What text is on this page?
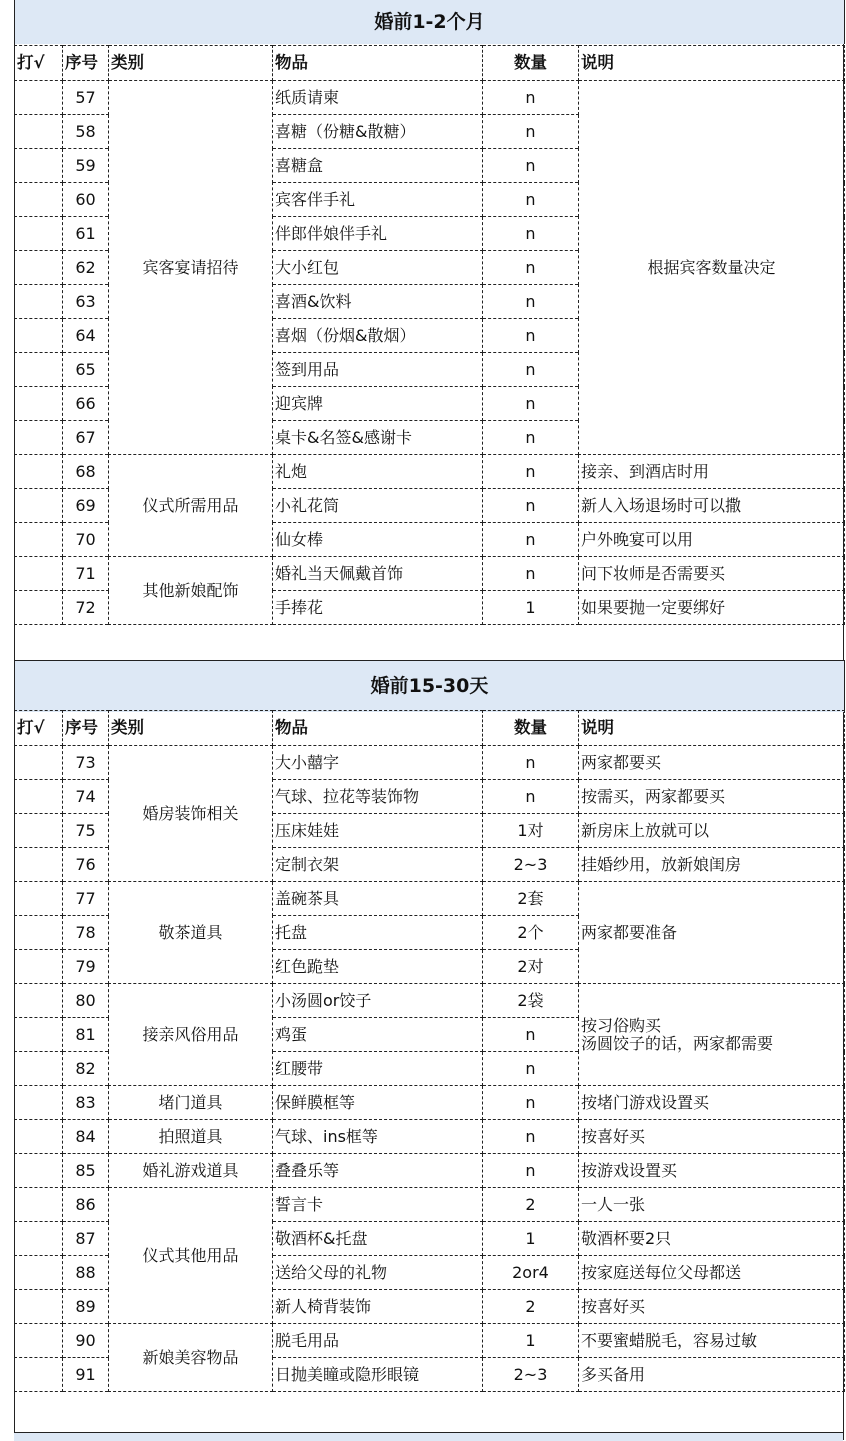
婚前1-2个月
打√	序号	类别	物品	数量	说明
	57	宾客宴请招待	纸质请柬	n	根据宾客数量决定

	58		喜糖（份糖&散糖）	n	
	59		喜糖盒	n	
	60		宾客伴手礼	n	
	61		伴郎伴娘伴手礼	n	
	62		大小红包	n	
	63		喜酒&饮料	n	
	64		喜烟（份烟&散烟）	n	
	65		签到用品	n	
	66		迎宾牌	n	
	67		桌卡&名签&感谢卡	n	
	68	仪式所需用品	礼炮	n	接亲、到酒店时用
	69		小礼花筒	n	新人入场退场时可以撒
	70		仙女棒	n	户外晚宴可以用
	71	其他新娘配饰	婚礼当天佩戴首饰	n	问下妆师是否需要买
	72		手捧花	1	如果要抛一定要绑好
婚前15-30天
打√	序号	类别	物品	数量	说明
	73	婚房装饰相关	大小囍字	n	两家都要买
	74		气球、拉花等装饰物	n	按需买，两家都要买
	75		压床娃娃	1对	新房床上放就可以
	76		定制衣架	2~3	挂婚纱用，放新娘闺房
	77	敬茶道具	盖碗茶具	2套	两家都要准备

	78		托盘	2个	
	79		红色跪垫	2对	
	80	接亲风俗用品	小汤圆or饺子	2袋	按习俗购买
汤圆饺子的话，两家都需要

	81		鸡蛋	n	
	82		红腰带	n	
	83	堵门道具	保鲜膜框等	n	按堵门游戏设置买
	84	拍照道具	气球、ins框等	n	按喜好买
	85	婚礼游戏道具	叠叠乐等	n	按游戏设置买
	86	仪式其他用品	誓言卡	2	一人一张
	87		敬酒杯&托盘	1	敬酒杯要2只
	88		送给父母的礼物	2or4	按家庭送每位父母都送
	89		新人椅背装饰	2	按喜好买
	90	新娘美容物品	脱毛用品	1	不要蜜蜡脱毛，容易过敏
	91		日抛美瞳或隐形眼镜	2~3	多买备用
